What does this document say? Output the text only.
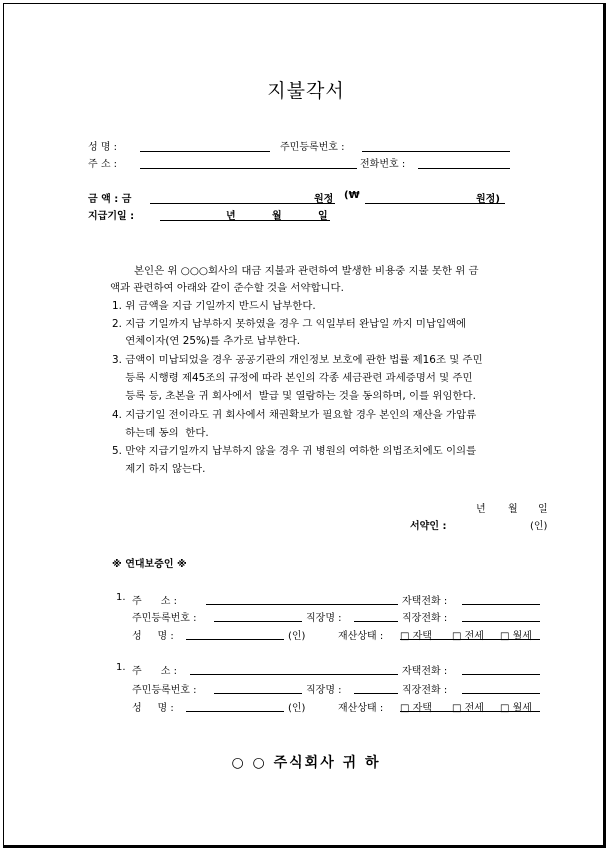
지불각서
성 명 :	주민등록번호 :
주 소 :	전화번호 :
금 액 : 금	원정 (₩	원정)
지급기일 :	년	월	일
본인은 위 ○○○회사의 대금 지불과 관련하여 발생한 비용중 지불 못한 위 금
액과 관련하여 아래와 같이 준수할 것을 서약합니다.
1. 위 금액을 지급 기일까지 반드시 납부한다.
2. 지급 기일까지 납부하지 못하였을 경우 그 익일부터 완납일 까지 미납입액에
연체이자(연 25%)를 추가로 납부한다.
3. 금액이 미납되었을 경우 공공기관의 개인정보 보호에 관한 법률 제16조 및 주민
등록 시행령 제45조의 규정에 따라 본인의 각종 세금관련 과세증명서 및 주민
등록 등, 초본을 귀 회사에서  발급 및 열람하는 것을 동의하며, 이를 위임한다.
4. 지급기일 전이라도 귀 회사에서 채권확보가 필요할 경우 본인의 재산을 가압류
하는데 동의  한다.
5. 만약 지급기일까지 납부하지 않을 경우 귀 병원의 여하한 의법조치에도 이의를
제기 하지 않는다.
년 월 일
서약인 :	(인)
※ 연대보증인 ※
1. 주      소 :	자택전화 :
주민등록번호 :	직장명 :	직장전화 :
성     명 :	(인)	재산상태 : □ 자택 □ 전세 □ 월세
1. 주      소 :	자택전화 :
주민등록번호 :	직장명 :	직장전화 :
성     명 :	(인)	재산상태 : □ 자택 □ 전세 □ 월세
○ ○ 주식회사 귀 하
